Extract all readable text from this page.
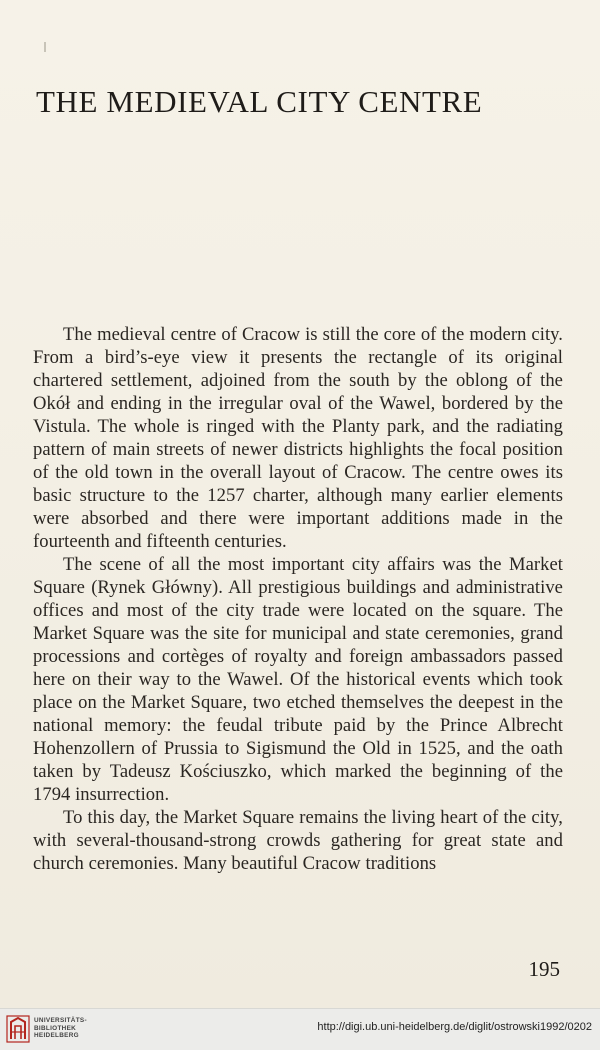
THE MEDIEVAL CITY CENTRE

The medieval centre of Cracow is still the core of the modern city. From a bird’s-eye view it presents the rectangle of its original chartered settlement, adjoined from the south by the oblong of the Okół and ending in the irregular oval of the Wawel, bordered by the Vistula. The whole is ringed with the Planty park, and the radiating pattern of main streets of newer districts highlights the focal position of the old town in the overall layout of Cracow. The centre owes its basic structure to the 1257 charter, although many earlier elements were absorbed and there were important additions made in the fourteenth and fifteenth centuries.

The scene of all the most important city affairs was the Market Square (Rynek Główny). All prestigious buildings and administrative offices and most of the city trade were located on the square. The Market Square was the site for municipal and state ceremonies, grand processions and cortèges of royalty and foreign ambassadors passed here on their way to the Wawel. Of the historical events which took place on the Market Square, two etched themselves the deepest in the national memory: the feudal tribute paid by the Prince Albrecht Hohenzollern of Prussia to Sigismund the Old in 1525, and the oath taken by Tadeusz Kościuszko, which marked the beginning of the 1794 insurrection.

To this day, the Market Square remains the living heart of the city, with several-thousand-strong crowds gathering for great state and church ceremonies. Many beautiful Cracow traditions

195
UNIVERSITÄTS-
BIBLIOTHEK
HEIDELBERG
http://digi.ub.uni-heidelberg.de/diglit/ostrowski1992/0202
